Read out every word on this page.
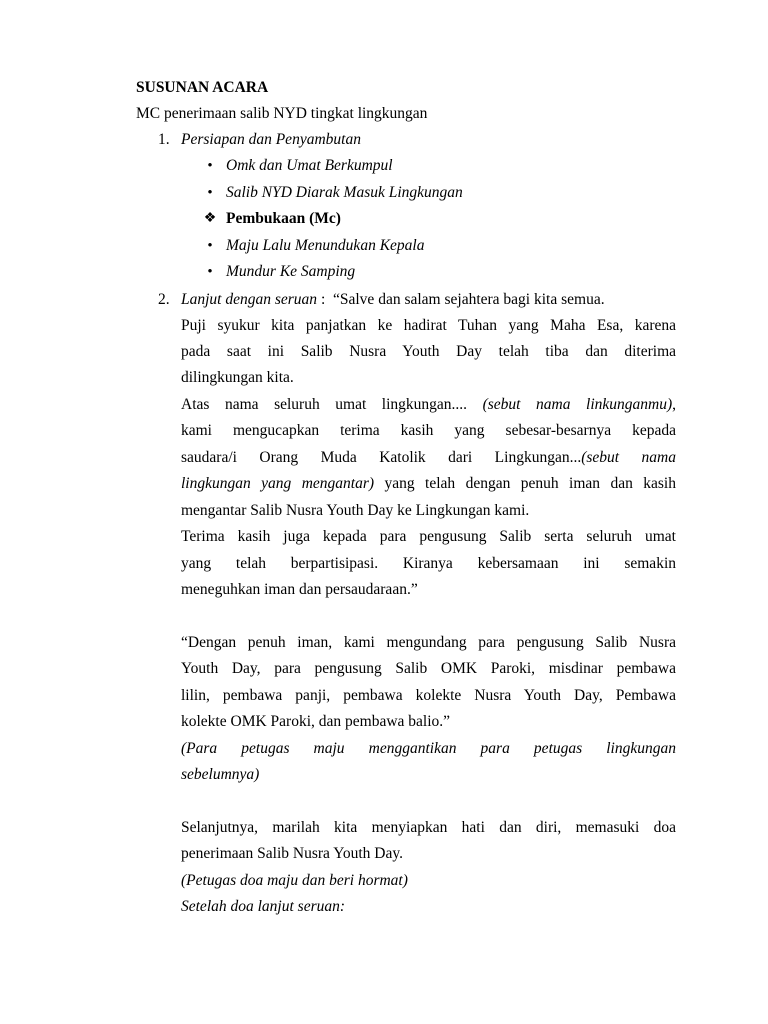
SUSUNAN ACARA
MC penerimaan salib NYD tingkat lingkungan
1. Persiapan dan Penyambutan
• Omk dan Umat Berkumpul
• Salib NYD Diarak Masuk Lingkungan
❖ Pembukaan (Mc)
• Maju Lalu Menundukan Kepala
• Mundur Ke Samping
2. Lanjut dengan seruan :  “Salve dan salam sejahtera bagi kita semua.
Puji syukur kita panjatkan ke hadirat Tuhan yang Maha Esa, karena
pada saat ini Salib Nusra Youth Day telah tiba dan diterima
dilingkungan kita.
Atas nama seluruh umat lingkungan.... (sebut nama linkunganmu),
kami mengucapkan terima kasih yang sebesar-besarnya kepada
saudara/i Orang Muda Katolik dari Lingkungan...(sebut nama
lingkungan yang mengantar) yang telah dengan penuh iman dan kasih
mengantar Salib Nusra Youth Day ke Lingkungan kami.
Terima kasih juga kepada para pengusung Salib serta seluruh umat
yang telah berpartisipasi. Kiranya kebersamaan ini semakin
meneguhkan iman dan persaudaraan.”
“Dengan penuh iman, kami mengundang para pengusung Salib Nusra
Youth Day, para pengusung Salib OMK Paroki, misdinar pembawa
lilin, pembawa panji, pembawa kolekte Nusra Youth Day, Pembawa
kolekte OMK Paroki, dan pembawa balio.”
(Para petugas maju menggantikan para petugas lingkungan
sebelumnya)
Selanjutnya, marilah kita menyiapkan hati dan diri, memasuki doa
penerimaan Salib Nusra Youth Day.
(Petugas doa maju dan beri hormat)
Setelah doa lanjut seruan:
